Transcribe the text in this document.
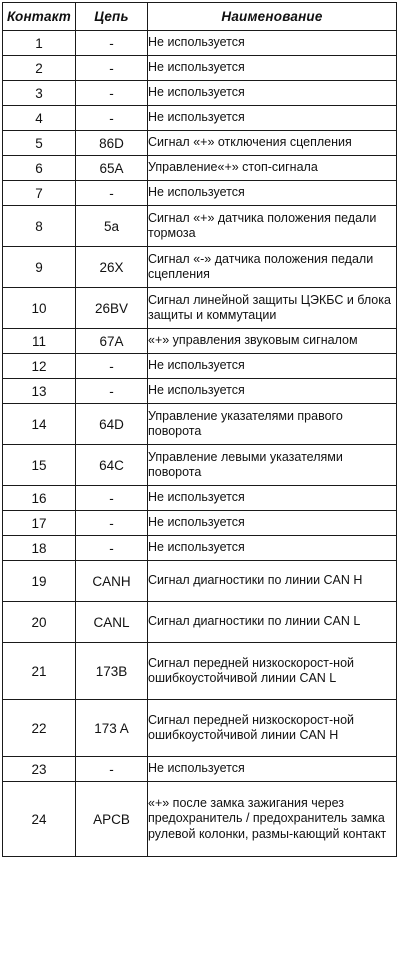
Контакт	Цепь	Наименование
1	-	Не используется
2	-	Не используется
3	-	Не используется
4	-	Не используется
5	86D	Сигнал «+» отключения сцепления
6	65A	Управление«+» стоп-сигнала
7	-	Не используется
8	5a	Сигнал «+» датчика положения педали тормоза
9	26X	Сигнал «-» датчика положения педали сцепления
10	26BV	Сигнал линейной защиты ЦЭКБС и блока защиты и коммутации
11	67A	«+» управления звуковым сигналом
12	-	Не используется
13	-	Не используется
14	64D	Управление указателями правого поворота
15	64C	Управление левыми указателями поворота
16	-	Не используется
17	-	Не используется
18	-	Не используется
19	CANH	Сигнал диагностики по линии CAN H
20	CANL	Сигнал диагностики по линии CAN L
21	173B	Сигнал передней низкоскорост-ной ошибкоустойчивой линии CAN L
22	173 A	Сигнал передней низкоскорост-ной ошибкоустойчивой линии CAN H
23	-	Не используется
24	APCB	«+» после замка зажигания через предохранитель / предохранитель замка рулевой колонки, размы-кающий контакт
